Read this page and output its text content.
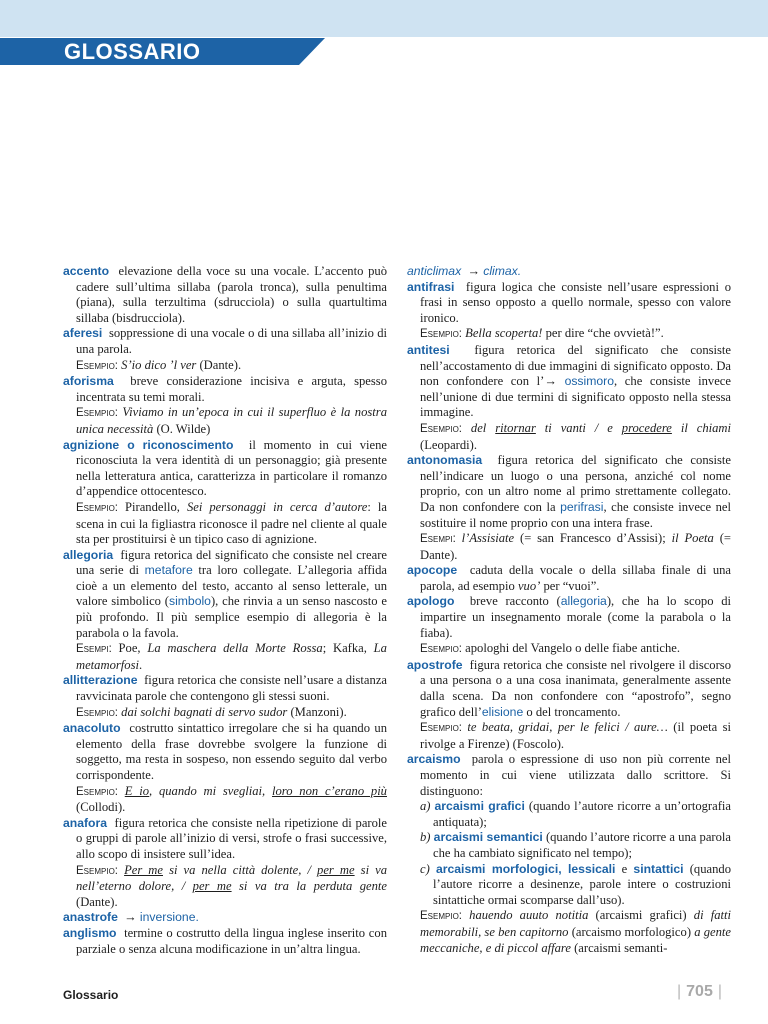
GLOSSARIO

accento elevazione della voce su una vocale. L’accento può cadere sull’ultima sillaba (parola tronca), sulla penultima (piana), sulla terzultima (sdrucciola) o sulla quartultima sillaba (bisdrucciola).

aferesi soppressione di una vocale o di una sillaba all’inizio di una parola.

Esempio: S’io dico ’l ver (Dante).

aforisma breve considerazione incisiva e arguta, spesso incentrata su temi morali.

Esempio: Viviamo in un’epoca in cui il superfluo è la nostra unica necessità (O. Wilde)

agnizione o riconoscimento il momento in cui viene riconosciuta la vera identità di un personaggio; già presente nella letteratura antica, caratterizza in particolare il romanzo d’appendice ottocentesco.

Esempio: Pirandello, Sei personaggi in cerca d’autore: la scena in cui la figliastra riconosce il padre nel cliente al quale sta per prostituirsi è un tipico caso di agnizione.

allegoria figura retorica del significato che consiste nel creare una serie di metafore tra loro collegate. L’allegoria affida cioè a un elemento del testo, accanto al senso letterale, un valore simbolico (simbolo), che rinvia a un senso nascosto e più profondo. Il più semplice esempio di allegoria è la parabola o la favola.

Esempi: Poe, La maschera della Morte Rossa; Kafka, La metamorfosi.

allitterazione figura retorica che consiste nell’usare a distanza ravvicinata parole che contengono gli stessi suoni.

Esempio: dai solchi bagnati di servo sudor (Manzoni).

anacoluto costrutto sintattico irregolare che si ha quando un elemento della frase dovrebbe svolgere la funzione di soggetto, ma resta in sospeso, non essendo seguito dal verbo corrispondente.

Esempio: E io, quando mi svegliai, loro non c’erano più (Collodi).

anafora figura retorica che consiste nella ripetizione di parole o gruppi di parole all’inizio di versi, strofe o frasi successive, allo scopo di insistere sull’idea.

Esempio: Per me si va nella città dolente, / per me si va nell’eterno dolore, / per me si va tra la perduta gente (Dante).

anastrofe → inversione.

anglismo termine o costrutto della lingua inglese inserito con parziale o senza alcuna modificazione in un’altra lingua.

anticlimax → climax.

antifrasi figura logica che consiste nell’usare espressioni o frasi in senso opposto a quello normale, spesso con valore ironico.

Esempio: Bella scoperta! per dire “che ovvietà!”.

antitesi figura retorica del significato che consiste nell’accostamento di due immagini di significato opposto. Da non confondere con l’→ ossimoro, che consiste invece nell’unione di due termini di significato opposto nella stessa immagine.

Esempio: del ritornar ti vanti / e procedere il chiami (Leopardi).

antonomasia figura retorica del significato che consiste nell’indicare un luogo o una persona, anziché col nome proprio, con un altro nome al primo strettamente collegato. Da non confondere con la perifrasi, che consiste invece nel sostituire il nome proprio con una intera frase.

Esempi: l’Assisiate (= san Francesco d’Assisi); il Poeta (= Dante).

apocope caduta della vocale o della sillaba finale di una parola, ad esempio vuo’ per “vuoi”.

apologo breve racconto (allegoria), che ha lo scopo di impartire un insegnamento morale (come la parabola o la fiaba).

Esempio: apologhi del Vangelo o delle fiabe antiche.

apostrofe figura retorica che consiste nel rivolgere il discorso a una persona o a una cosa inanimata, generalmente assente dalla scena. Da non confondere con “apostrofo”, segno grafico dell’elisione o del troncamento.

Esempio: te beata, gridai, per le felici / aure… (il poeta si rivolge a Firenze) (Foscolo).

arcaismo parola o espressione di uso non più corrente nel momento in cui viene utilizzata dallo scrittore. Si distinguono:

a) arcaismi grafici (quando l’autore ricorre a un’ortografia antiquata);

b) arcaismi semantici (quando l’autore ricorre a una parola che ha cambiato significato nel tempo);

c) arcaismi morfologici, lessicali e sintattici (quando l’autore ricorre a desinenze, parole intere o costruzioni sintattiche ormai scomparse dall’uso).

Esempio: hauendo auuto notitia (arcaismi grafici) di fatti memorabili, se ben capitorno (arcaismo morfologico) a gente meccaniche, e di piccol affare (arcaismi semanti-

Glossario	| 705 |
